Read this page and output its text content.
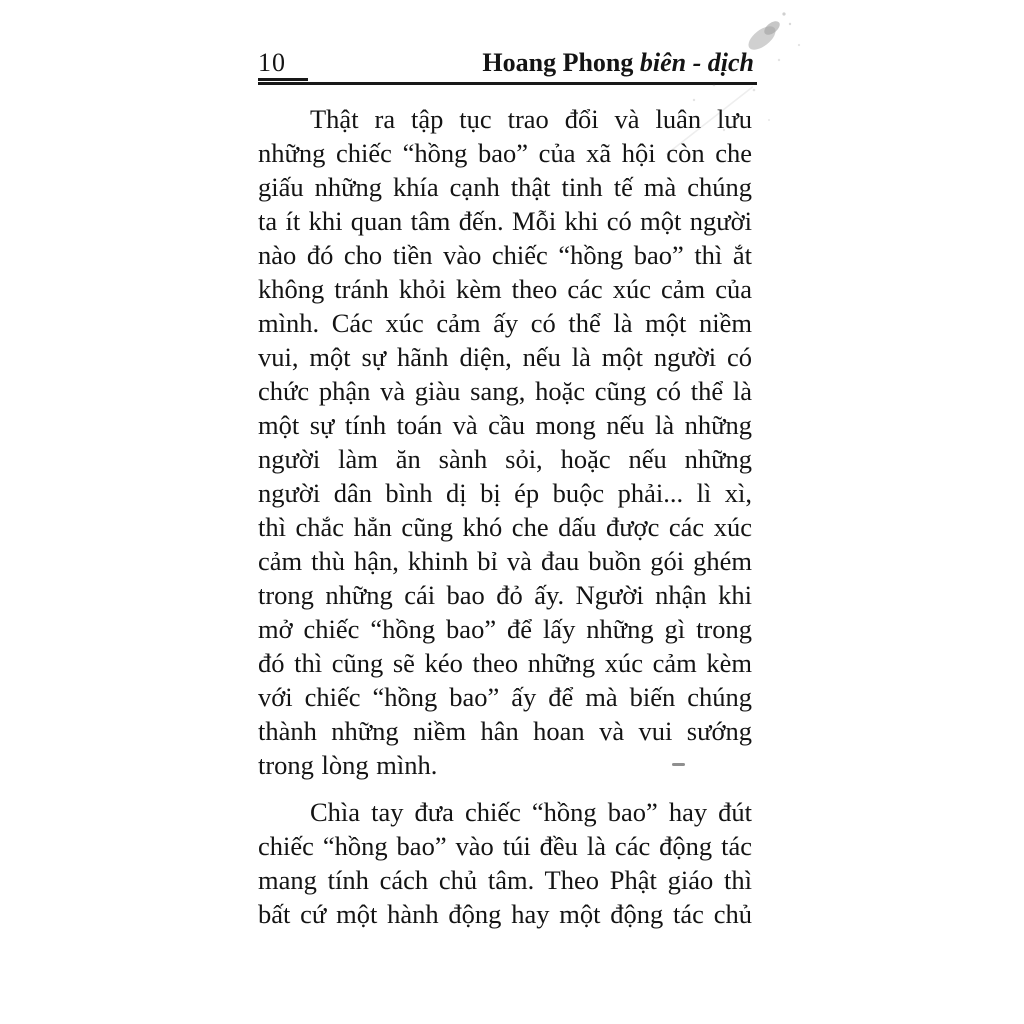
10	Hoang Phong biên - dịch
Thật ra tập tục trao đổi và luân lưu
những chiếc “hồng bao” của xã hội còn che
giấu những khía cạnh thật tinh tế mà chúng
ta ít khi quan tâm đến. Mỗi khi có một người
nào đó cho tiền vào chiếc “hồng bao” thì ắt
không tránh khỏi kèm theo các xúc cảm của
mình. Các xúc cảm ấy có thể là một niềm
vui, một sự hãnh diện, nếu là một người có
chức phận và giàu sang, hoặc cũng có thể là
một sự tính toán và cầu mong nếu là những
người làm ăn sành sỏi, hoặc nếu những
người dân bình dị bị ép buộc phải... lì xì,
thì chắc hẳn cũng khó che dấu được các xúc
cảm thù hận, khinh bỉ và đau buồn gói ghém
trong những cái bao đỏ ấy. Người nhận khi
mở chiếc “hồng bao” để lấy những gì trong
đó thì cũng sẽ kéo theo những xúc cảm kèm
với chiếc “hồng bao” ấy để mà biến chúng
thành những niềm hân hoan và vui sướng
trong lòng mình.
Chìa tay đưa chiếc “hồng bao” hay đút
chiếc “hồng bao” vào túi đều là các động tác
mang tính cách chủ tâm. Theo Phật giáo thì
bất cứ một hành động hay một động tác chủ
